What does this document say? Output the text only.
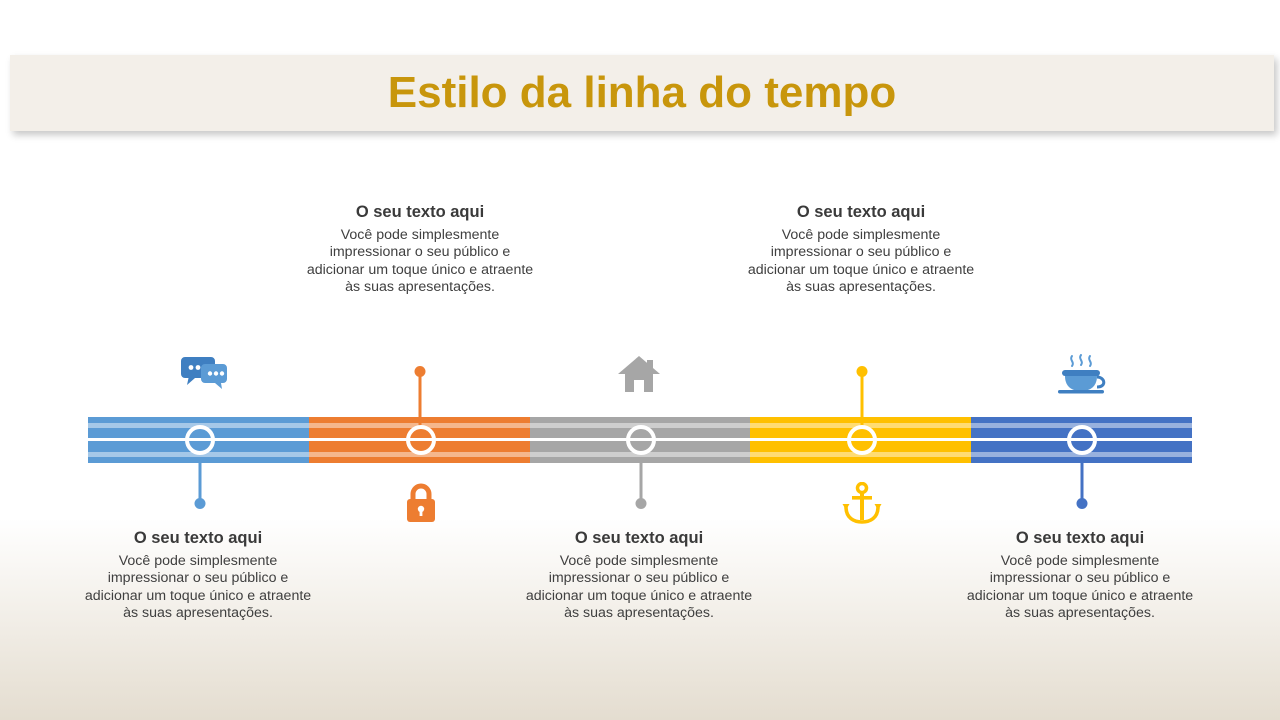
Estilo da linha do tempo
O seu texto aqui
Você pode simplesmente impressionar o seu público e adicionar um toque único e atraente às suas apresentações.
O seu texto aqui
Você pode simplesmente impressionar o seu público e adicionar um toque único e atraente às suas apresentações.
O seu texto aqui
Você pode simplesmente impressionar o seu público e adicionar um toque único e atraente às suas apresentações.
O seu texto aqui
Você pode simplesmente impressionar o seu público e adicionar um toque único e atraente às suas apresentações.
O seu texto aqui
Você pode simplesmente impressionar o seu público e adicionar um toque único e atraente às suas apresentações.
